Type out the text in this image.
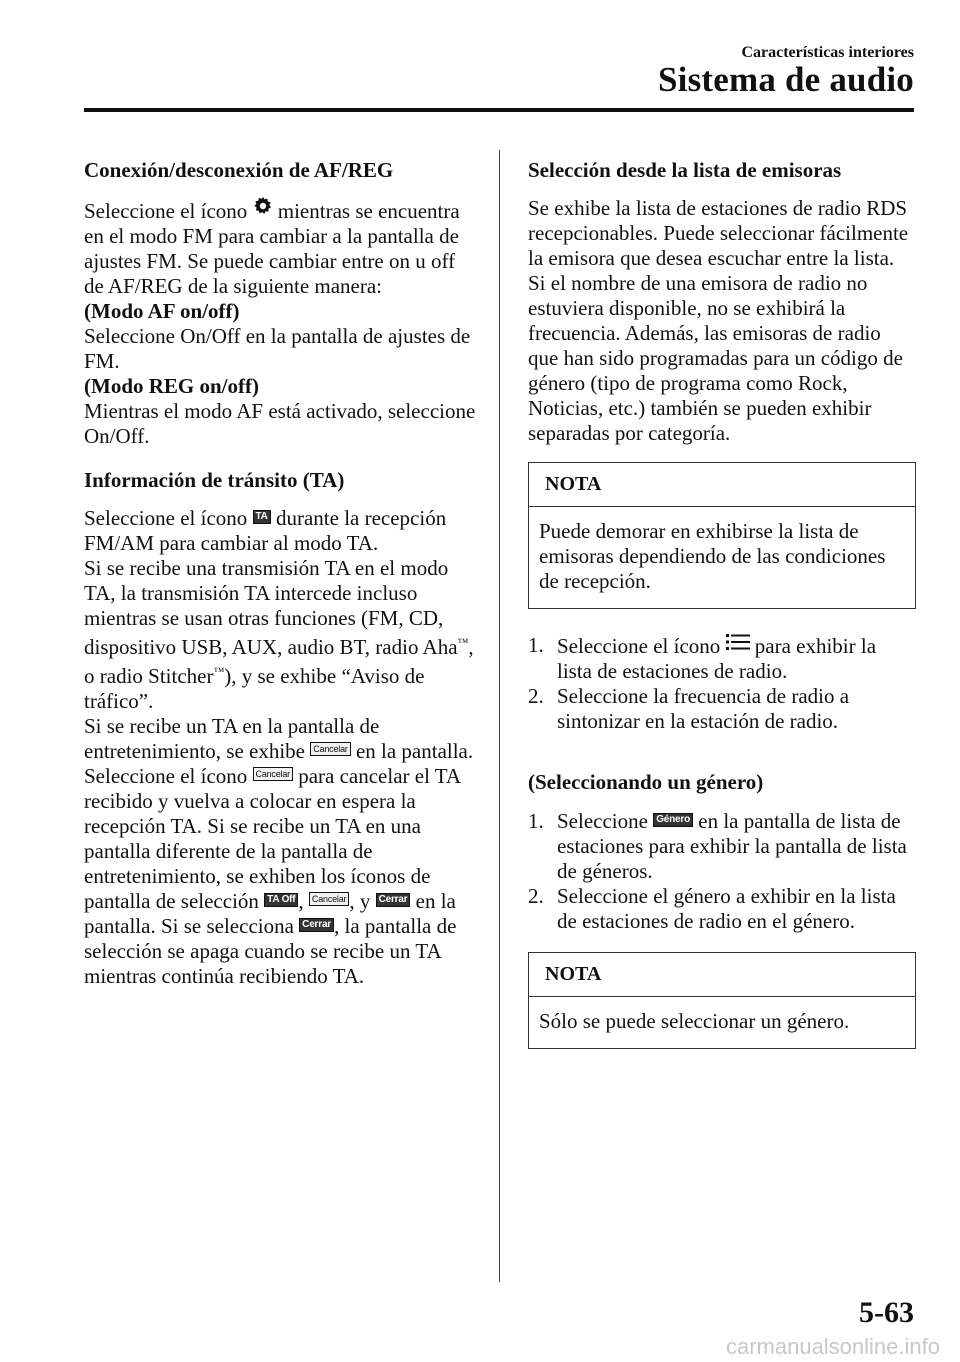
Características interiores
Sistema de audio
Conexión/desconexión de AF/REG

Seleccione el ícono mientras se encuentra en el modo FM para cambiar a la pantalla de ajustes FM. Se puede cambiar entre on u off de AF/REG de la siguiente manera:

(Modo AF on/off)

Seleccione On/Off en la pantalla de ajustes de FM.

(Modo REG on/off)

Mientras el modo AF está activado, seleccione On/Off.

Información de tránsito (TA)

Seleccione el ícono TA durante la recepción FM/AM para cambiar al modo TA.

Si se recibe una transmisión TA en el modo TA, la transmisión TA intercede incluso mientras se usan otras funciones (FM, CD, dispositivo USB, AUX, audio BT, radio Aha™, o radio Stitcher™), y se exhibe “Aviso de tráfico”.

Si se recibe un TA en la pantalla de entretenimiento, se exhibe Cancelar en la pantalla. Seleccione el ícono Cancelar para cancelar el TA recibido y vuelva a colocar en espera la recepción TA. Si se recibe un TA en una pantalla diferente de la pantalla de entretenimiento, se exhiben los íconos de pantalla de selección TA Off , Cancelar , y Cerrar en la pantalla. Si se selecciona Cerrar , la pantalla de selección se apaga cuando se recibe un TA mientras continúa recibiendo TA.

Selección desde la lista de emisoras

Se exhibe la lista de estaciones de radio RDS recepcionables. Puede seleccionar fácilmente la emisora que desea escuchar entre la lista. Si el nombre de una emisora de radio no estuviera disponible, no se exhibirá la frecuencia. Además, las emisoras de radio que han sido programadas para un código de género (tipo de programa como Rock, Noticias, etc.) también se pueden exhibir separadas por categoría.

NOTA
Puede demorar en exhibirse la lista de emisoras dependiendo de las condiciones de recepción.
1. Seleccione el ícono para exhibir la lista de estaciones de radio.
2. Seleccione la frecuencia de radio a sintonizar en la estación de radio.
(Seleccionando un género)
1. Seleccione Género en la pantalla de lista de estaciones para exhibir la pantalla de lista de géneros.
2. Seleccione el género a exhibir en la lista de estaciones de radio en el género.
NOTA
Sólo se puede seleccionar un género.
5-63
carmanualsonline.info
